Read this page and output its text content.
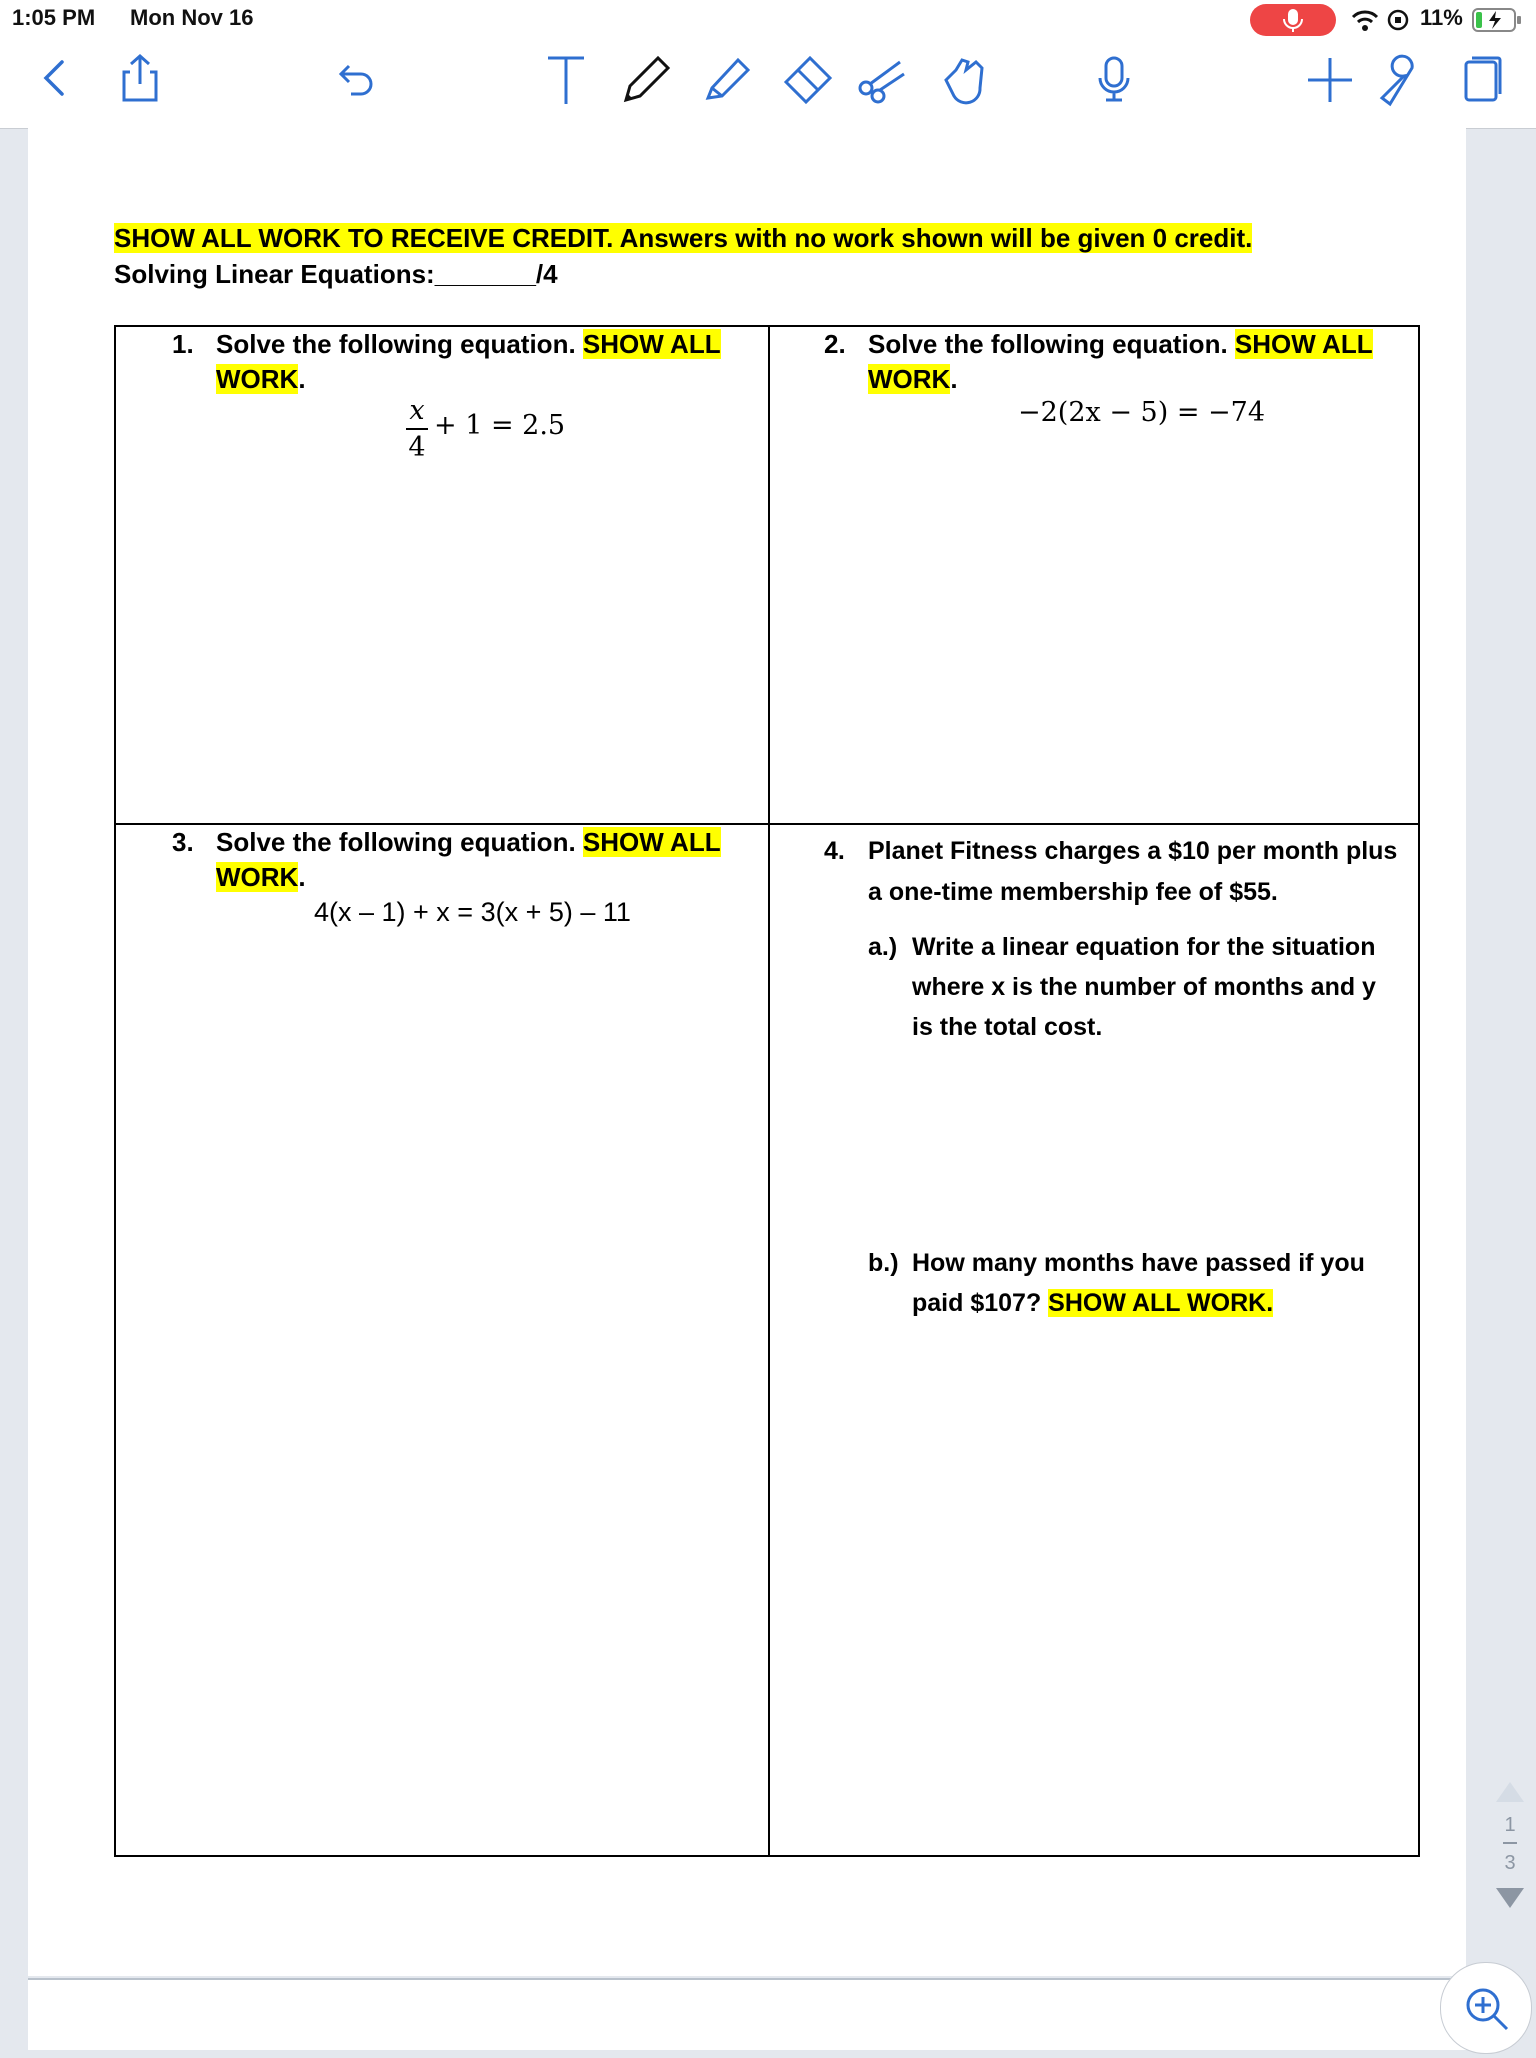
1:05 PM Mon Nov 16	11%
SHOW ALL WORK TO RECEIVE CREDIT. Answers with no work shown will be given 0 credit.
Solving Linear Equations:_______/4
1. Solve the following equation. SHOW ALL
WORK.
x
4
+ 1 = 2.5
2. Solve the following equation. SHOW ALL
WORK.
−2(2x − 5) = −74
3. Solve the following equation. SHOW ALL
WORK.
4(x – 1) + x = 3(x + 5) – 11
4. Planet Fitness charges a $10 per month plus
a one-time membership fee of $55.
a.) Write a linear equation for the situation
where x is the number of months and y
is the total cost.
b.) How many months have passed if you
paid $107? SHOW ALL WORK.
1
3
